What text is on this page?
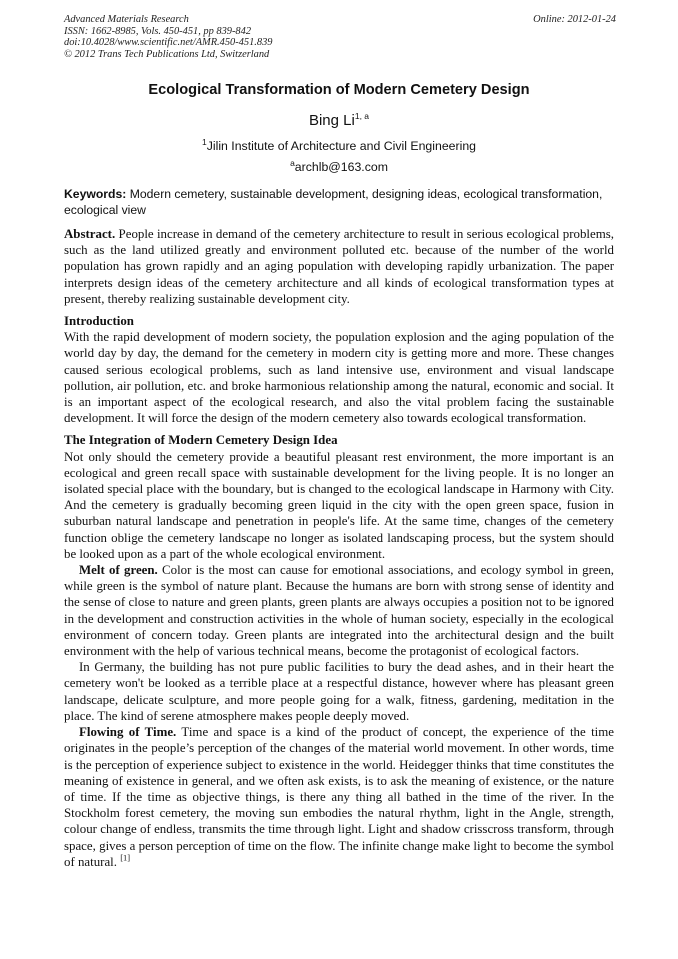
Advanced Materials Research
ISSN: 1662-8985, Vols. 450-451, pp 839-842
doi:10.4028/www.scientific.net/AMR.450-451.839
© 2012 Trans Tech Publications Ltd, Switzerland
Online: 2012-01-24
Ecological Transformation of Modern Cemetery Design
Bing Li$^{1, a}$
$^1$Jilin Institute of Architecture and Civil Engineering
$^a$archlb@163.com
Keywords: Modern cemetery, sustainable development, designing ideas, ecological transformation, ecological view

Abstract. People increase in demand of the cemetery architecture to result in serious ecological problems, such as the land utilized greatly and environment polluted etc. because of the number of the world population has grown rapidly and an aging population with developing rapidly urbanization. The paper interprets design ideas of the cemetery architecture and all kinds of ecological transformation types at present, thereby realizing sustainable development city.

Introduction

With the rapid development of modern society, the population explosion and the aging population of the world day by day, the demand for the cemetery in modern city is getting more and more. These changes caused serious ecological problems, such as land intensive use, environment and visual landscape pollution, air pollution, etc. and broke harmonious relationship among the natural, economic and social. It is an important aspect of the ecological research, and also the vital problem facing the sustainable development. It will force the design of the modern cemetery also towards ecological transformation.

The Integration of Modern Cemetery Design Idea

Not only should the cemetery provide a beautiful pleasant rest environment, the more important is an ecological and green recall space with sustainable development for the living people. It is no longer an isolated special place with the boundary, but is changed to the ecological landscape in Harmony with City. And the cemetery is gradually becoming green liquid in the city with the open green space, fusion in suburban natural landscape and penetration in people's life. At the same time, changes of the cemetery function oblige the cemetery landscape no longer as isolated landscaping process, but the system should be looked upon as a part of the whole ecological environment.

Melt of green. Color is the most can cause for emotional associations, and ecology symbol in green, while green is the symbol of nature plant. Because the humans are born with strong sense of identity and the sense of close to nature and green plants, green plants are always occupies a position not to be ignored in the development and construction activities in the whole of human society, especially in the ecological environment of concern today. Green plants are integrated into the architectural design and the built environment with the help of various technical means, become the protagonist of ecological factors.

In Germany, the building has not pure public facilities to bury the dead ashes, and in their heart the cemetery won't be looked as a terrible place at a respectful distance, however where has pleasant green landscape, delicate sculpture, and more people going for a walk, fitness, gardening, meditation in the place. The kind of serene atmosphere makes people deeply moved.

Flowing of Time. Time and space is a kind of the product of concept, the experience of the time originates in the people’s perception of the changes of the material world movement. In other words, time is the perception of experience subject to existence in the world. Heidegger thinks that time constitutes the meaning of existence in general, and we often ask exists, is to ask the meaning of existence, or the nature of time. If the time as objective things, is there any thing all bathed in the time of the river. In the Stockholm forest cemetery, the moving sun embodies the natural rhythm, light in the Angle, strength, colour change of endless, transmits the time through light. Light and shadow crisscross transform, through space, gives a person perception of time on the flow. The infinite change make light to become the symbol of natural. [1]
